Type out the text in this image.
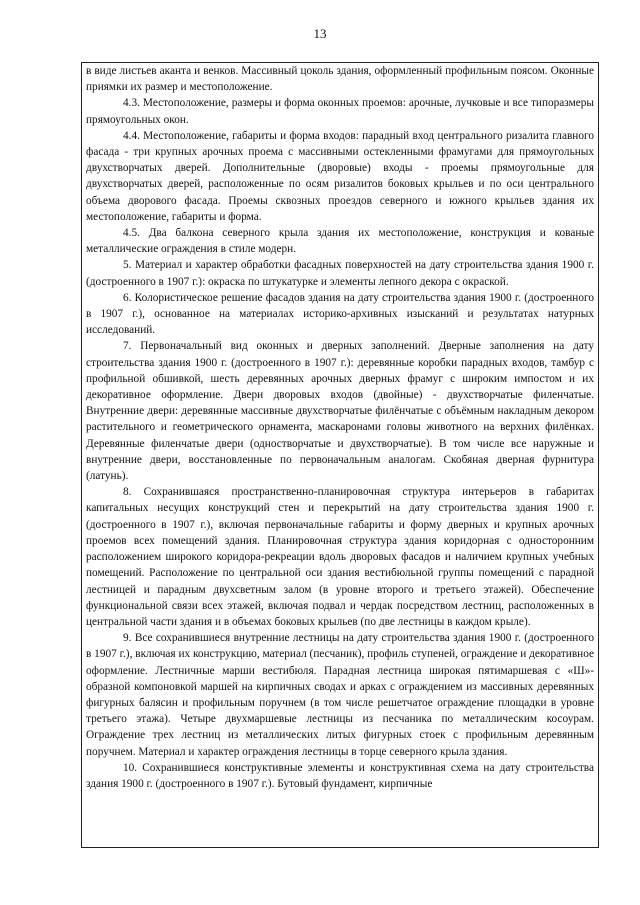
13

в виде листьев аканта и венков. Массивный цоколь здания, оформленный профильным поясом. Оконные приямки их размер и местоположение.

4.3. Местоположение, размеры и форма оконных проемов: арочные, лучковые и все типоразмеры прямоугольных окон.

4.4. Местоположение, габариты и форма входов: парадный вход центрального ризалита главного фасада - три крупных арочных проема с массивными остекленными фрамугами для прямоугольных двухстворчатых дверей. Дополнительные (дворовые) входы - проемы прямоугольные для двухстворчатых дверей, расположенные по осям ризалитов боковых крыльев и по оси центрального объема дворового фасада. Проемы сквозных проездов северного и южного крыльев здания их местоположение, габариты и форма.

4.5. Два балкона северного крыла здания их местоположение, конструкция и кованые металлические ограждения в стиле модерн.

5. Материал и характер обработки фасадных поверхностей на дату строительства здания 1900 г. (достроенного в 1907 г.): окраска по штукатурке и элементы лепного декора с окраской.

6. Колористическое решение фасадов здания на дату строительства здания 1900 г. (достроенного в 1907 г.), основанное на материалах историко-архивных изысканий и результатах натурных исследований.

7. Первоначальный вид оконных и дверных заполнений. Дверные заполнения на дату строительства здания 1900 г. (достроенного в 1907 г.): деревянные коробки парадных входов, тамбур с профильной обшивкой, шесть деревянных арочных дверных фрамуг с широким импостом и их декоративное оформление. Двери дворовых входов (двойные) - двухстворчатые филенчатые. Внутренние двери: деревянные массивные двухстворчатые филёнчатые с объёмным накладным декором растительного и геометрического орнамента, маскаронами головы животного на верхних филёнках. Деревянные филенчатые двери (одностворчатые и двухстворчатые). В том числе все наружные и внутренние двери, восстановленные по первоначальным аналогам. Скобяная дверная фурнитура (латунь).

8. Сохранившаяся пространственно-планировочная структура интерьеров в габаритах капитальных несущих конструкций стен и перекрытий на дату строительства здания 1900 г. (достроенного в 1907 г.), включая первоначальные габариты и форму дверных и крупных арочных проемов всех помещений здания. Планировочная структура здания коридорная с односторонним расположением широкого коридора-рекреации вдоль дворовых фасадов и наличием крупных учебных помещений. Расположение по центральной оси здания вестибюльной группы помещений с парадной лестницей и парадным двухсветным залом (в уровне второго и третьего этажей). Обеспечение функциональной связи всех этажей, включая подвал и чердак посредством лестниц, расположенных в центральной части здания и в объемах боковых крыльев (по две лестницы в каждом крыле).

9. Все сохранившиеся внутренние лестницы на дату строительства здания 1900 г. (достроенного в 1907 г.), включая их конструкцию, материал (песчаник), профиль ступеней, ограждение и декоративное оформление. Лестничные марши вестибюля. Парадная лестница широкая пятимаршевая с «Ш»-образной компоновкой маршей на кирпичных сводах и арках с ограждением из массивных деревянных фигурных балясин и профильным поручнем (в том числе решетчатое ограждение площадки в уровне третьего этажа). Четыре двухмаршевые лестницы из песчаника по металлическим косоурам. Ограждение трех лестниц из металлических литых фигурных стоек с профильным деревянным поручнем. Материал и характер ограждения лестницы в торце северного крыла здания.

10. Сохранившиеся конструктивные элементы и конструктивная схема на дату строительства здания 1900 г. (достроенного в 1907 г.). Бутовый фундамент, кирпичные
